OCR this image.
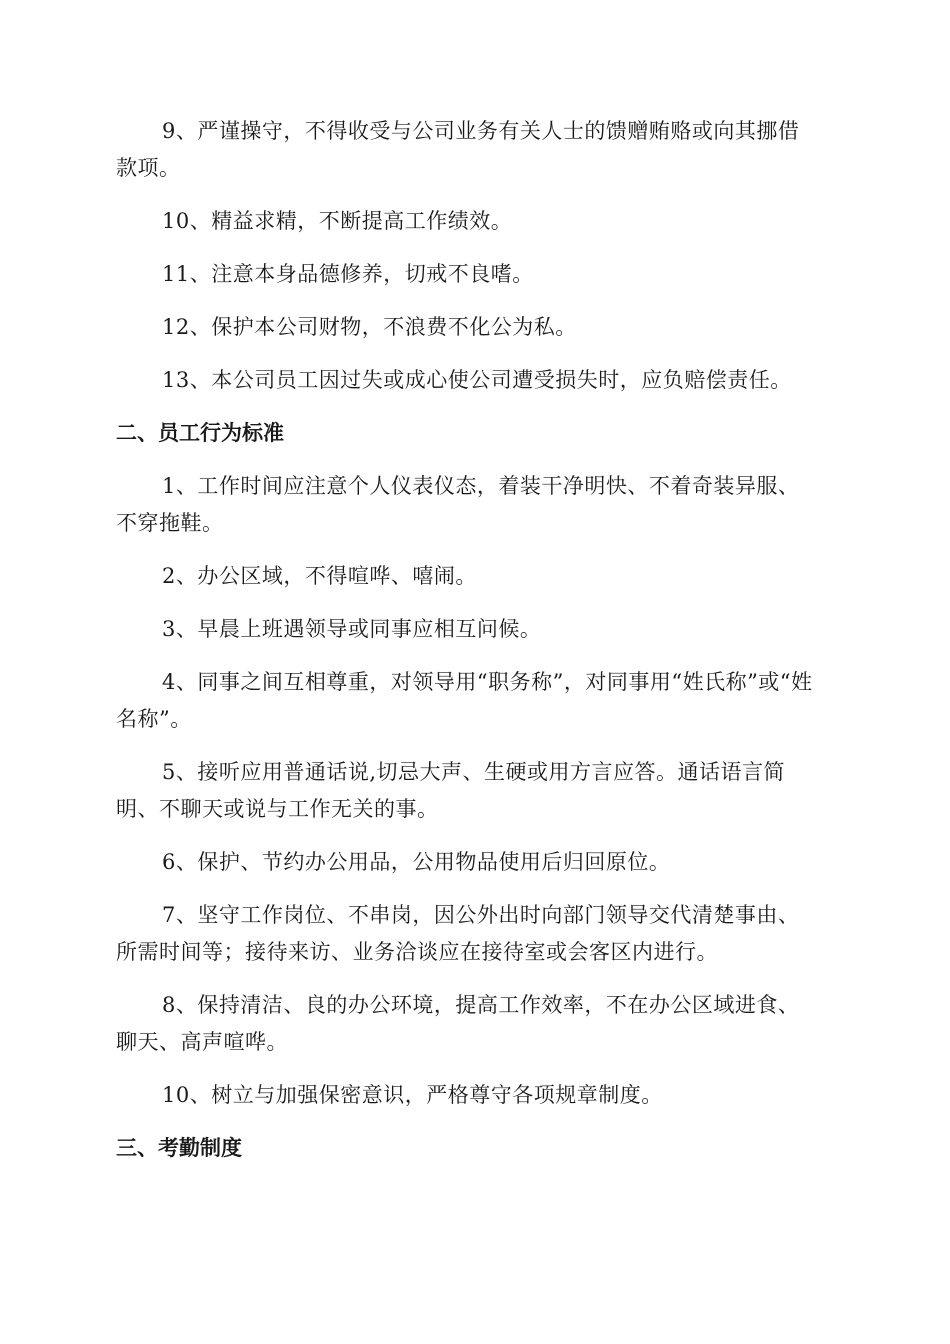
9、严谨操守，不得收受与公司业务有关人士的馈赠贿赂或向其挪借款项。

10、精益求精，不断提高工作绩效。

11、注意本身品德修养，切戒不良嗜。

12、保护本公司财物，不浪费不化公为私。

13、本公司员工因过失或成心使公司遭受损失时，应负赔偿责任。

二、员工行为标准

1、工作时间应注意个人仪表仪态，着装干净明快、不着奇装异服、不穿拖鞋。

2、办公区域，不得喧哗、嘻闹。

3、早晨上班遇领导或同事应相互问候。

4、同事之间互相尊重，对领导用“职务称”，对同事用“姓氏称”或“姓名称”。

5、接听应用普通话说,切忌大声、生硬或用方言应答。通话语言简明、不聊天或说与工作无关的事。

6、保护、节约办公用品，公用物品使用后归回原位。

7、坚守工作岗位、不串岗，因公外出时向部门领导交代清楚事由、所需时间等；接待来访、业务洽谈应在接待室或会客区内进行。

8、保持清洁、良的办公环境，提高工作效率，不在办公区域进食、聊天、高声喧哗。

10、树立与加强保密意识，严格尊守各项规章制度。

三、考勤制度
